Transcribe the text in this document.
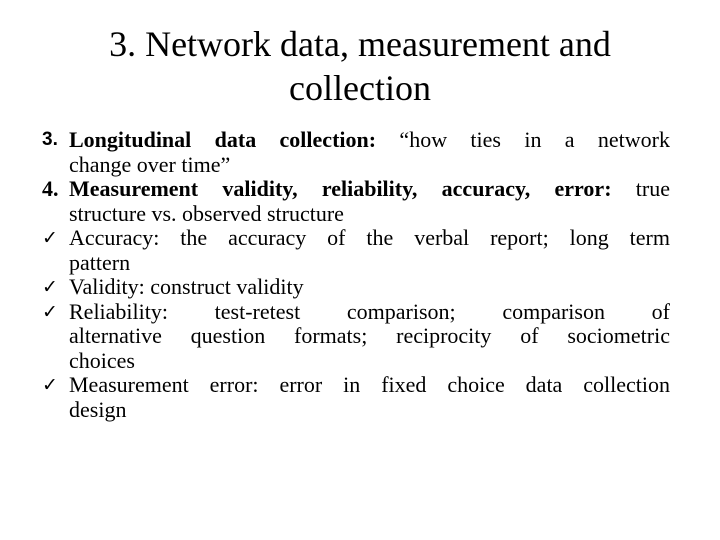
3. Network data, measurement and
collection
3. Longitudinal data collection: “how ties in a network
change over time”
4. Measurement validity, reliability, accuracy, error: true
structure vs. observed structure
✓ Accuracy: the accuracy of the verbal report; long term
pattern
✓ Validity: construct validity
✓ Reliability: test-retest comparison; comparison of
alternative question formats; reciprocity of sociometric
choices
✓ Measurement error: error in fixed choice data collection
design
